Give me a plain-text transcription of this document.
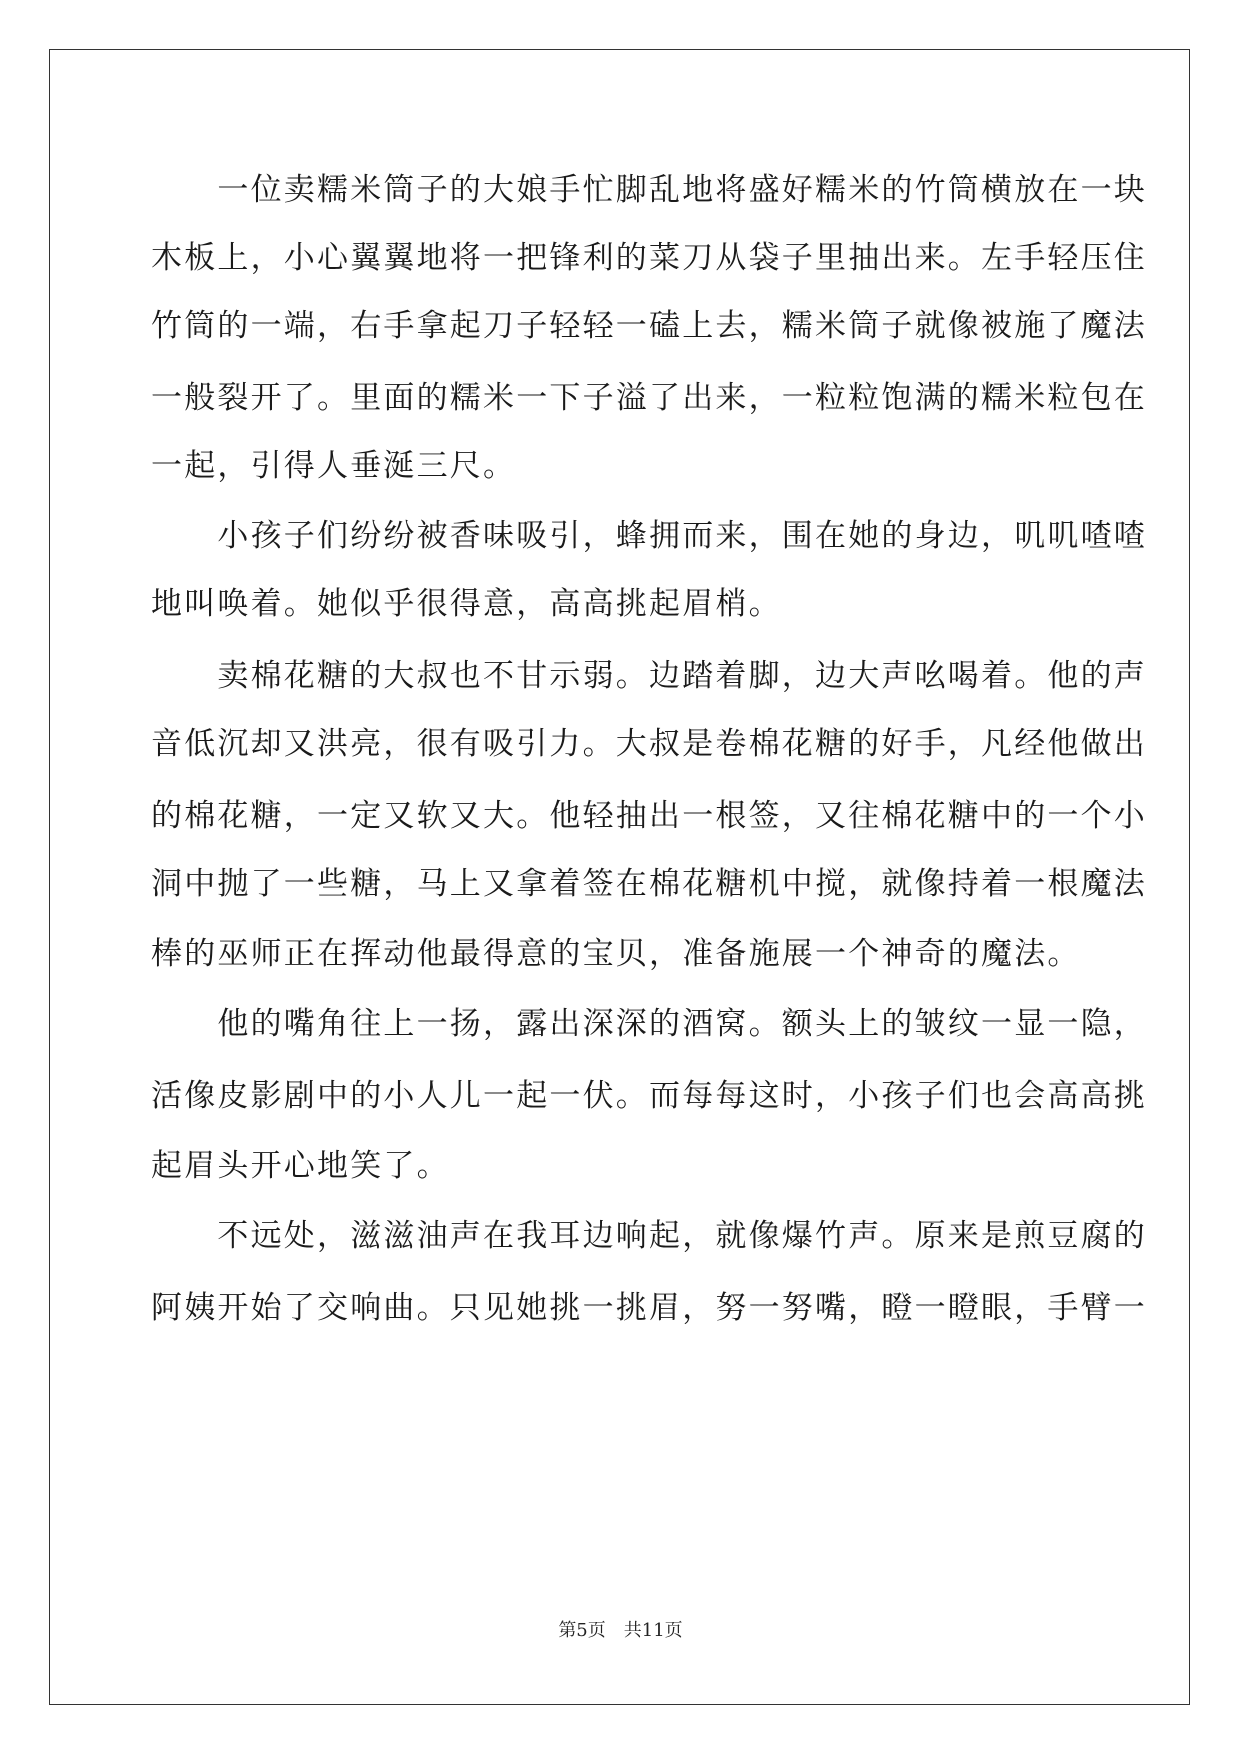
　　一位卖糯米筒子的大娘手忙脚乱地将盛好糯米的竹筒横放在一块
木板上，小心翼翼地将一把锋利的菜刀从袋子里抽出来。左手轻压住
竹筒的一端，右手拿起刀子轻轻一磕上去，糯米筒子就像被施了魔法
一般裂开了。里面的糯米一下子溢了出来，一粒粒饱满的糯米粒包在
一起，引得人垂涎三尺。
　　小孩子们纷纷被香味吸引，蜂拥而来，围在她的身边，叽叽喳喳
地叫唤着。她似乎很得意，高高挑起眉梢。
　　卖棉花糖的大叔也不甘示弱。边踏着脚，边大声吆喝着。他的声
音低沉却又洪亮，很有吸引力。大叔是卷棉花糖的好手，凡经他做出
的棉花糖，一定又软又大。他轻抽出一根签，又往棉花糖中的一个小
洞中抛了一些糖，马上又拿着签在棉花糖机中搅，就像持着一根魔法
棒的巫师正在挥动他最得意的宝贝，准备施展一个神奇的魔法。
　　他的嘴角往上一扬，露出深深的酒窝。额头上的皱纹一显一隐，
活像皮影剧中的小人儿一起一伏。而每每这时，小孩子们也会高高挑
起眉头开心地笑了。
　　不远处，滋滋油声在我耳边响起，就像爆竹声。原来是煎豆腐的
阿姨开始了交响曲。只见她挑一挑眉，努一努嘴，瞪一瞪眼，手臂一
第5页　共11页
